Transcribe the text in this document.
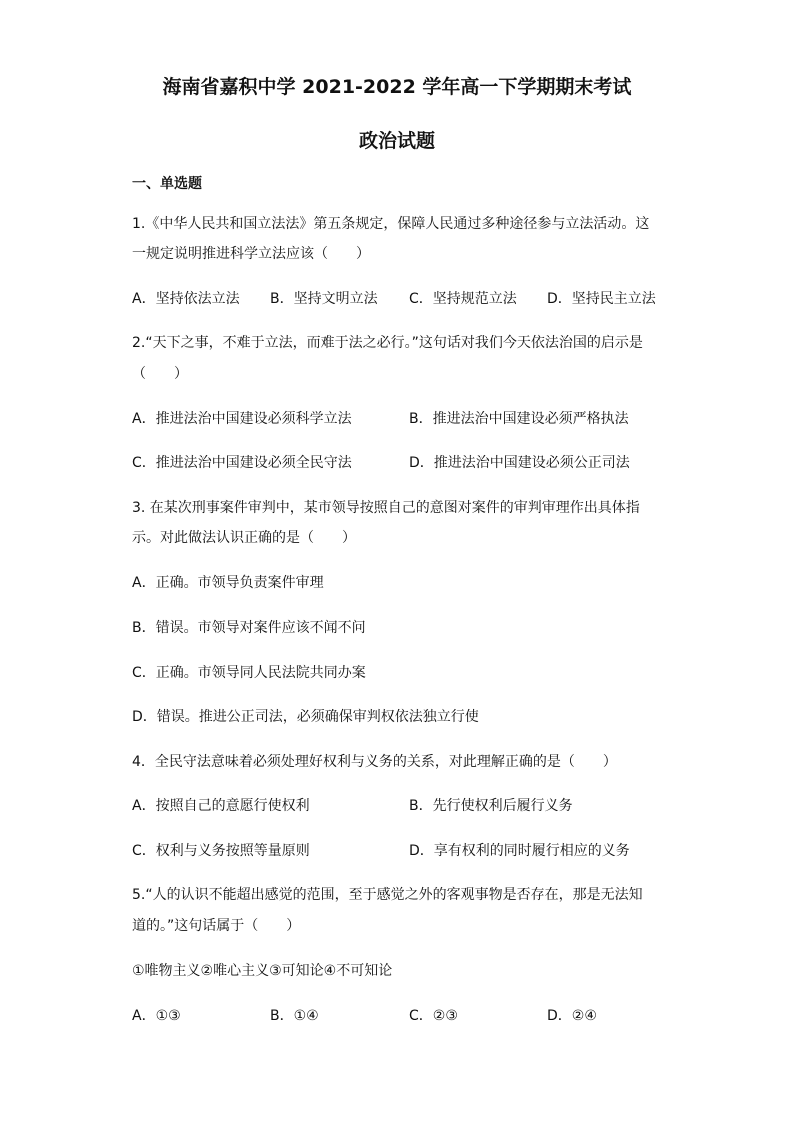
海南省嘉积中学 2021-2022 学年高一下学期期末考试
政治试题
一、单选题
1.《中华人民共和国立法法》第五条规定，保障人民通过多种途径参与立法活动。这
一规定说明推进科学立法应该（　　）
A．坚持依法立法 B．坚持文明立法 C．坚持规范立法 D．坚持民主立法
2.“天下之事，不难于立法，而难于法之必行。”这句话对我们今天依法治国的启示是
（　　）
A．推进法治中国建设必须科学立法	B．推进法治中国建设必须严格执法
C．推进法治中国建设必须全民守法	D．推进法治中国建设必须公正司法
3. 在某次刑事案件审判中，某市领导按照自己的意图对案件的审判审理作出具体指
示。对此做法认识正确的是（　　）
A．正确。市领导负责案件审理
B．错误。市领导对案件应该不闻不问
C．正确。市领导同人民法院共同办案
D．错误。推进公正司法，必须确保审判权依法独立行使
4．全民守法意味着必须处理好权利与义务的关系，对此理解正确的是（　　）
A．按照自己的意愿行使权利	B．先行使权利后履行义务
C．权利与义务按照等量原则	D．享有权利的同时履行相应的义务
5.“人的认识不能超出感觉的范围，至于感觉之外的客观事物是否存在，那是无法知
道的。”这句话属于（　　）
①唯物主义②唯心主义③可知论④不可知论
A．①③	B．①④	C．②③	D．②④
